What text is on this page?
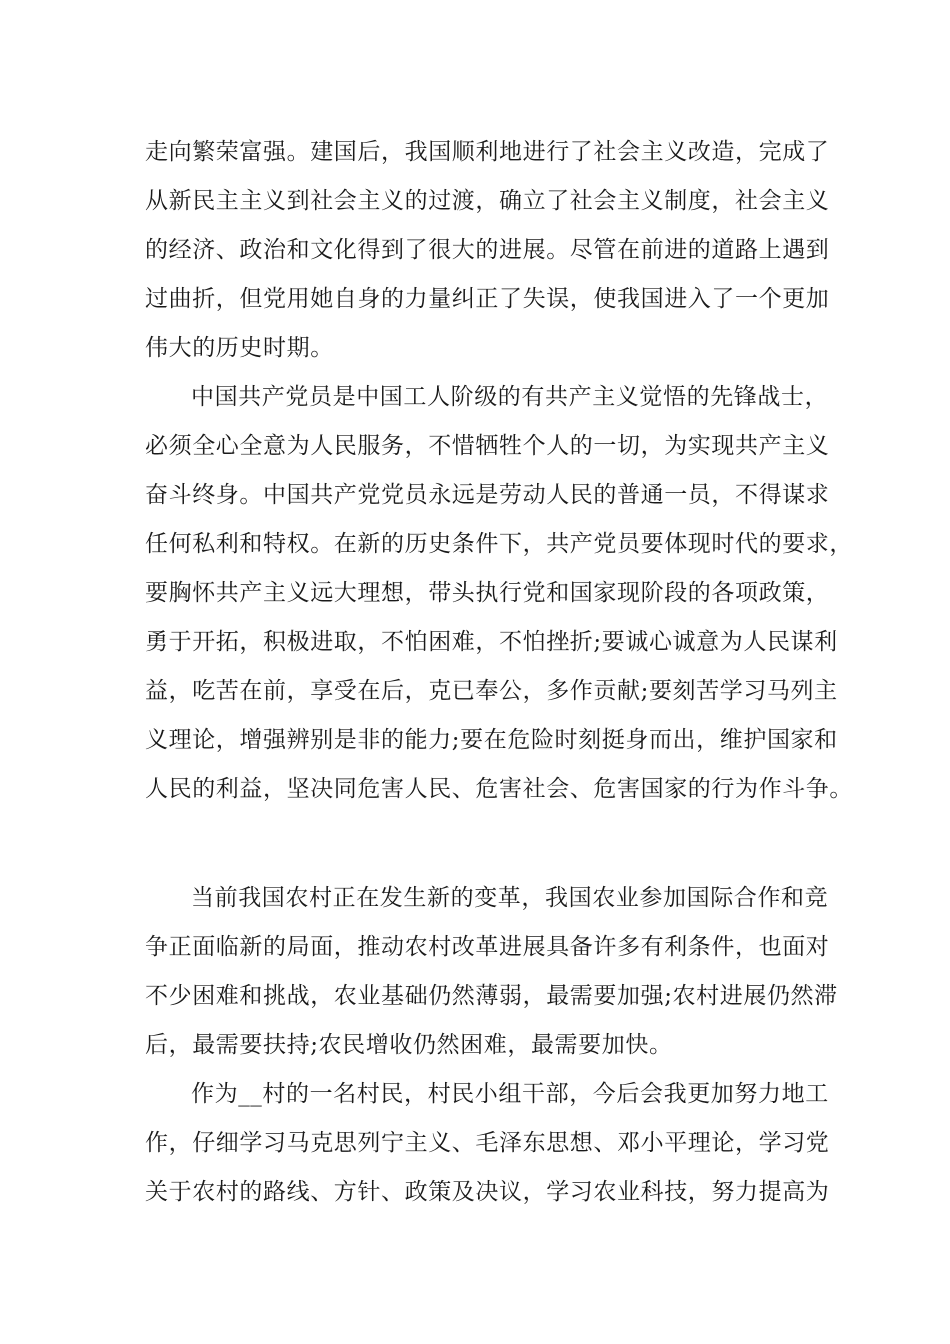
走向繁荣富强。建国后，我国顺利地进行了社会主义改造，完成了
从新民主主义到社会主义的过渡，确立了社会主义制度，社会主义
的经济、政治和文化得到了很大的进展。尽管在前进的道路上遇到
过曲折，但党用她自身的力量纠正了失误，使我国进入了一个更加
伟大的历史时期。
中国共产党员是中国工人阶级的有共产主义觉悟的先锋战士，
必须全心全意为人民服务，不惜牺牲个人的一切，为实现共产主义
奋斗终身。中国共产党党员永远是劳动人民的普通一员，不得谋求
任何私利和特权。在新的历史条件下，共产党员要体现时代的要求，
要胸怀共产主义远大理想，带头执行党和国家现阶段的各项政策，
勇于开拓，积极进取，不怕困难，不怕挫折;要诚心诚意为人民谋利
益，吃苦在前，享受在后，克已奉公，多作贡献;要刻苦学习马列主
义理论，增强辨别是非的能力;要在危险时刻挺身而出，维护国家和
人民的利益，坚决同危害人民、危害社会、危害国家的行为作斗争。
当前我国农村正在发生新的变革，我国农业参加国际合作和竞
争正面临新的局面，推动农村改革进展具备许多有利条件，也面对
不少困难和挑战，农业基础仍然薄弱，最需要加强;农村进展仍然滞
后，最需要扶持;农民增收仍然困难，最需要加快。
作为__村的一名村民，村民小组干部，今后会我更加努力地工
作，仔细学习马克思列宁主义、毛泽东思想、邓小平理论，学习党
关于农村的路线、方针、政策及决议，学习农业科技，努力提高为
